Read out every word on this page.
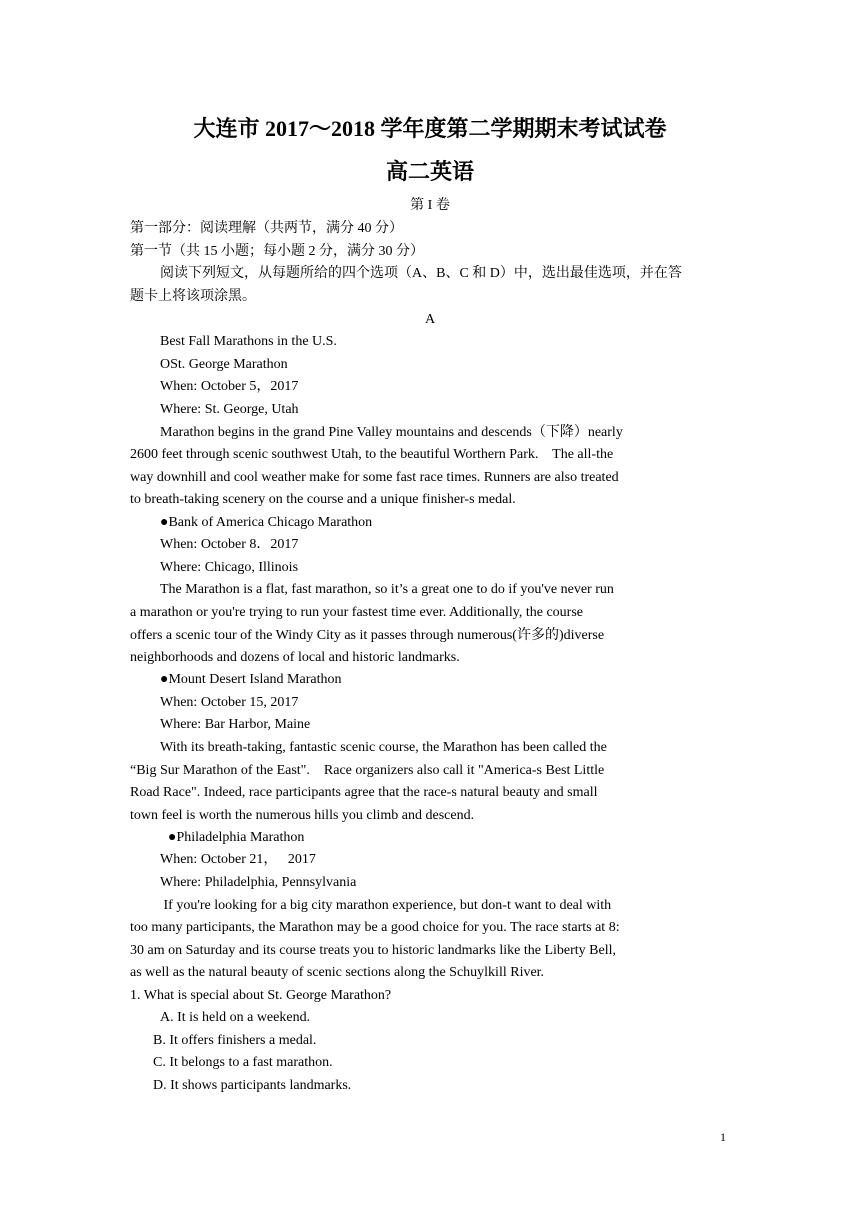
大连市 2017～2018 学年度第二学期期末考试试卷
高二英语
第 I 卷
第一部分：阅读理解（共两节，满分 40 分）
第一节（共 15 小题；每小题 2 分，满分 30 分）
阅读下列短文，从每题所给的四个选项（A、B、C 和 D）中，选出最佳选项，并在答
题卡上将该项涂黑。
A
Best Fall Marathons in the U.S.
OSt. George Marathon
When: October 5，2017
Where: St. George, Utah
Marathon begins in the grand Pine Valley mountains and descends（下降）nearly
2600 feet through scenic southwest Utah, to the beautiful Worthern Park.    The all-the
way downhill and cool weather make for some fast race times. Runners are also treated
to breath-taking scenery on the course and a unique finisher-s medal.
●Bank of America Chicago Marathon
When: October 8．2017
Where: Chicago, Illinois
The Marathon is a flat, fast marathon, so it’s a great one to do if you've never run
a marathon or you're trying to run your fastest time ever. Additionally, the course
offers a scenic tour of the Windy City as it passes through numerous(许多的)diverse
neighborhoods and dozens of local and historic landmarks.
●Mount Desert Island Marathon
When: October 15, 2017
Where: Bar Harbor, Maine
With its breath-taking, fantastic scenic course, the Marathon has been called the
“Big Sur Marathon of the East".    Race organizers also call it "America-s Best Little
Road Race". Indeed, race participants agree that the race-s natural beauty and small
town feel is worth the numerous hills you climb and descend.
●Philadelphia Marathon
When: October 21，   2017
Where: Philadelphia, Pennsylvania
If you're looking for a big city marathon experience, but don-t want to deal with
too many participants, the Marathon may be a good choice for you. The race starts at 8:
30 am on Saturday and its course treats you to historic landmarks like the Liberty Bell,
as well as the natural beauty of scenic sections along the Schuylkill River.
1. What is special about St. George Marathon?
A. It is held on a weekend.
B. It offers finishers a medal.
C. It belongs to a fast marathon.
D. It shows participants landmarks.
1
